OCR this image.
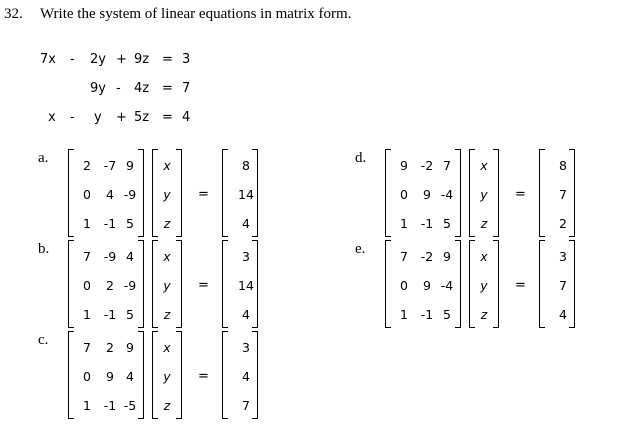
32. Write the system of linear equations in matrix form.
7x - 2y + 9z = 3
9y - 4z = 7
x - y + 5z = 4
a.	2 -7 9
0 4 -9
1 -1 5
x
y
z
=
8
14
4
b.	7 -9 4
0 2 -9
1 -1 5
x
y
z
=
3
14
4
c.	7 2 9
0 9 4
1 -1 -5
x
y
z
=
3
4
7
d.	9 -2 7
0 9 -4
1 -1 5
x
y
z
=
8
7
2
e.	7 -2 9
0 9 -4
1 -1 5
x
y
z
=
3
7
4
